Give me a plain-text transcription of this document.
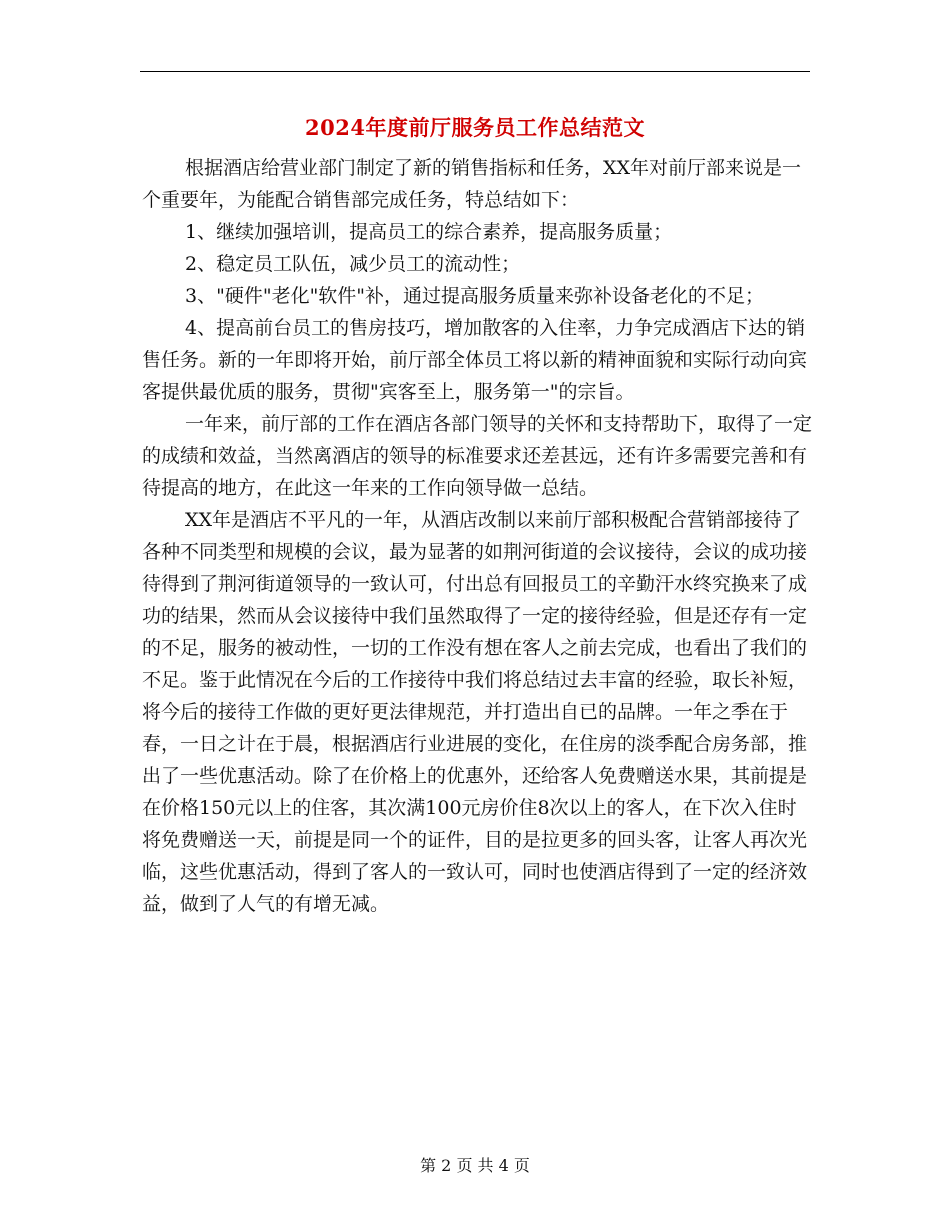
2024年度前厅服务员工作总结范文

根据酒店给营业部门制定了新的销售指标和任务，XX年对前厅部来说是一个重要年，为能配合销售部完成任务，特总结如下：

1、继续加强培训，提高员工的综合素养，提高服务质量；

2、稳定员工队伍，减少员工的流动性；

3、"硬件"老化"软件"补，通过提高服务质量来弥补设备老化的不足；

4、提高前台员工的售房技巧，增加散客的入住率，力争完成酒店下达的销售任务。新的一年即将开始，前厅部全体员工将以新的精神面貌和实际行动向宾客提供最优质的服务，贯彻"宾客至上，服务第一"的宗旨。

一年来，前厅部的工作在酒店各部门领导的关怀和支持帮助下，取得了一定的成绩和效益，当然离酒店的领导的标准要求还差甚远，还有许多需要完善和有待提高的地方，在此这一年来的工作向领导做一总结。

XX年是酒店不平凡的一年，从酒店改制以来前厅部积极配合营销部接待了各种不同类型和规模的会议，最为显著的如荆河街道的会议接待，会议的成功接待得到了荆河街道领导的一致认可，付出总有回报员工的辛勤汗水终究换来了成功的结果，然而从会议接待中我们虽然取得了一定的接待经验，但是还存有一定的不足，服务的被动性，一切的工作没有想在客人之前去完成，也看出了我们的不足。鉴于此情况在今后的工作接待中我们将总结过去丰富的经验，取长补短，将今后的接待工作做的更好更法律规范，并打造出自已的品牌。一年之季在于春，一日之计在于晨，根据酒店行业进展的变化，在住房的淡季配合房务部，推出了一些优惠活动。除了在价格上的优惠外，还给客人免费赠送水果，其前提是在价格150元以上的住客，其次满100元房价住8次以上的客人，在下次入住时将免费赠送一天，前提是同一个的证件，目的是拉更多的回头客，让客人再次光临，这些优惠活动，得到了客人的一致认可，同时也使酒店得到了一定的经济效益，做到了人气的有增无减。

第 2 页 共 4 页
